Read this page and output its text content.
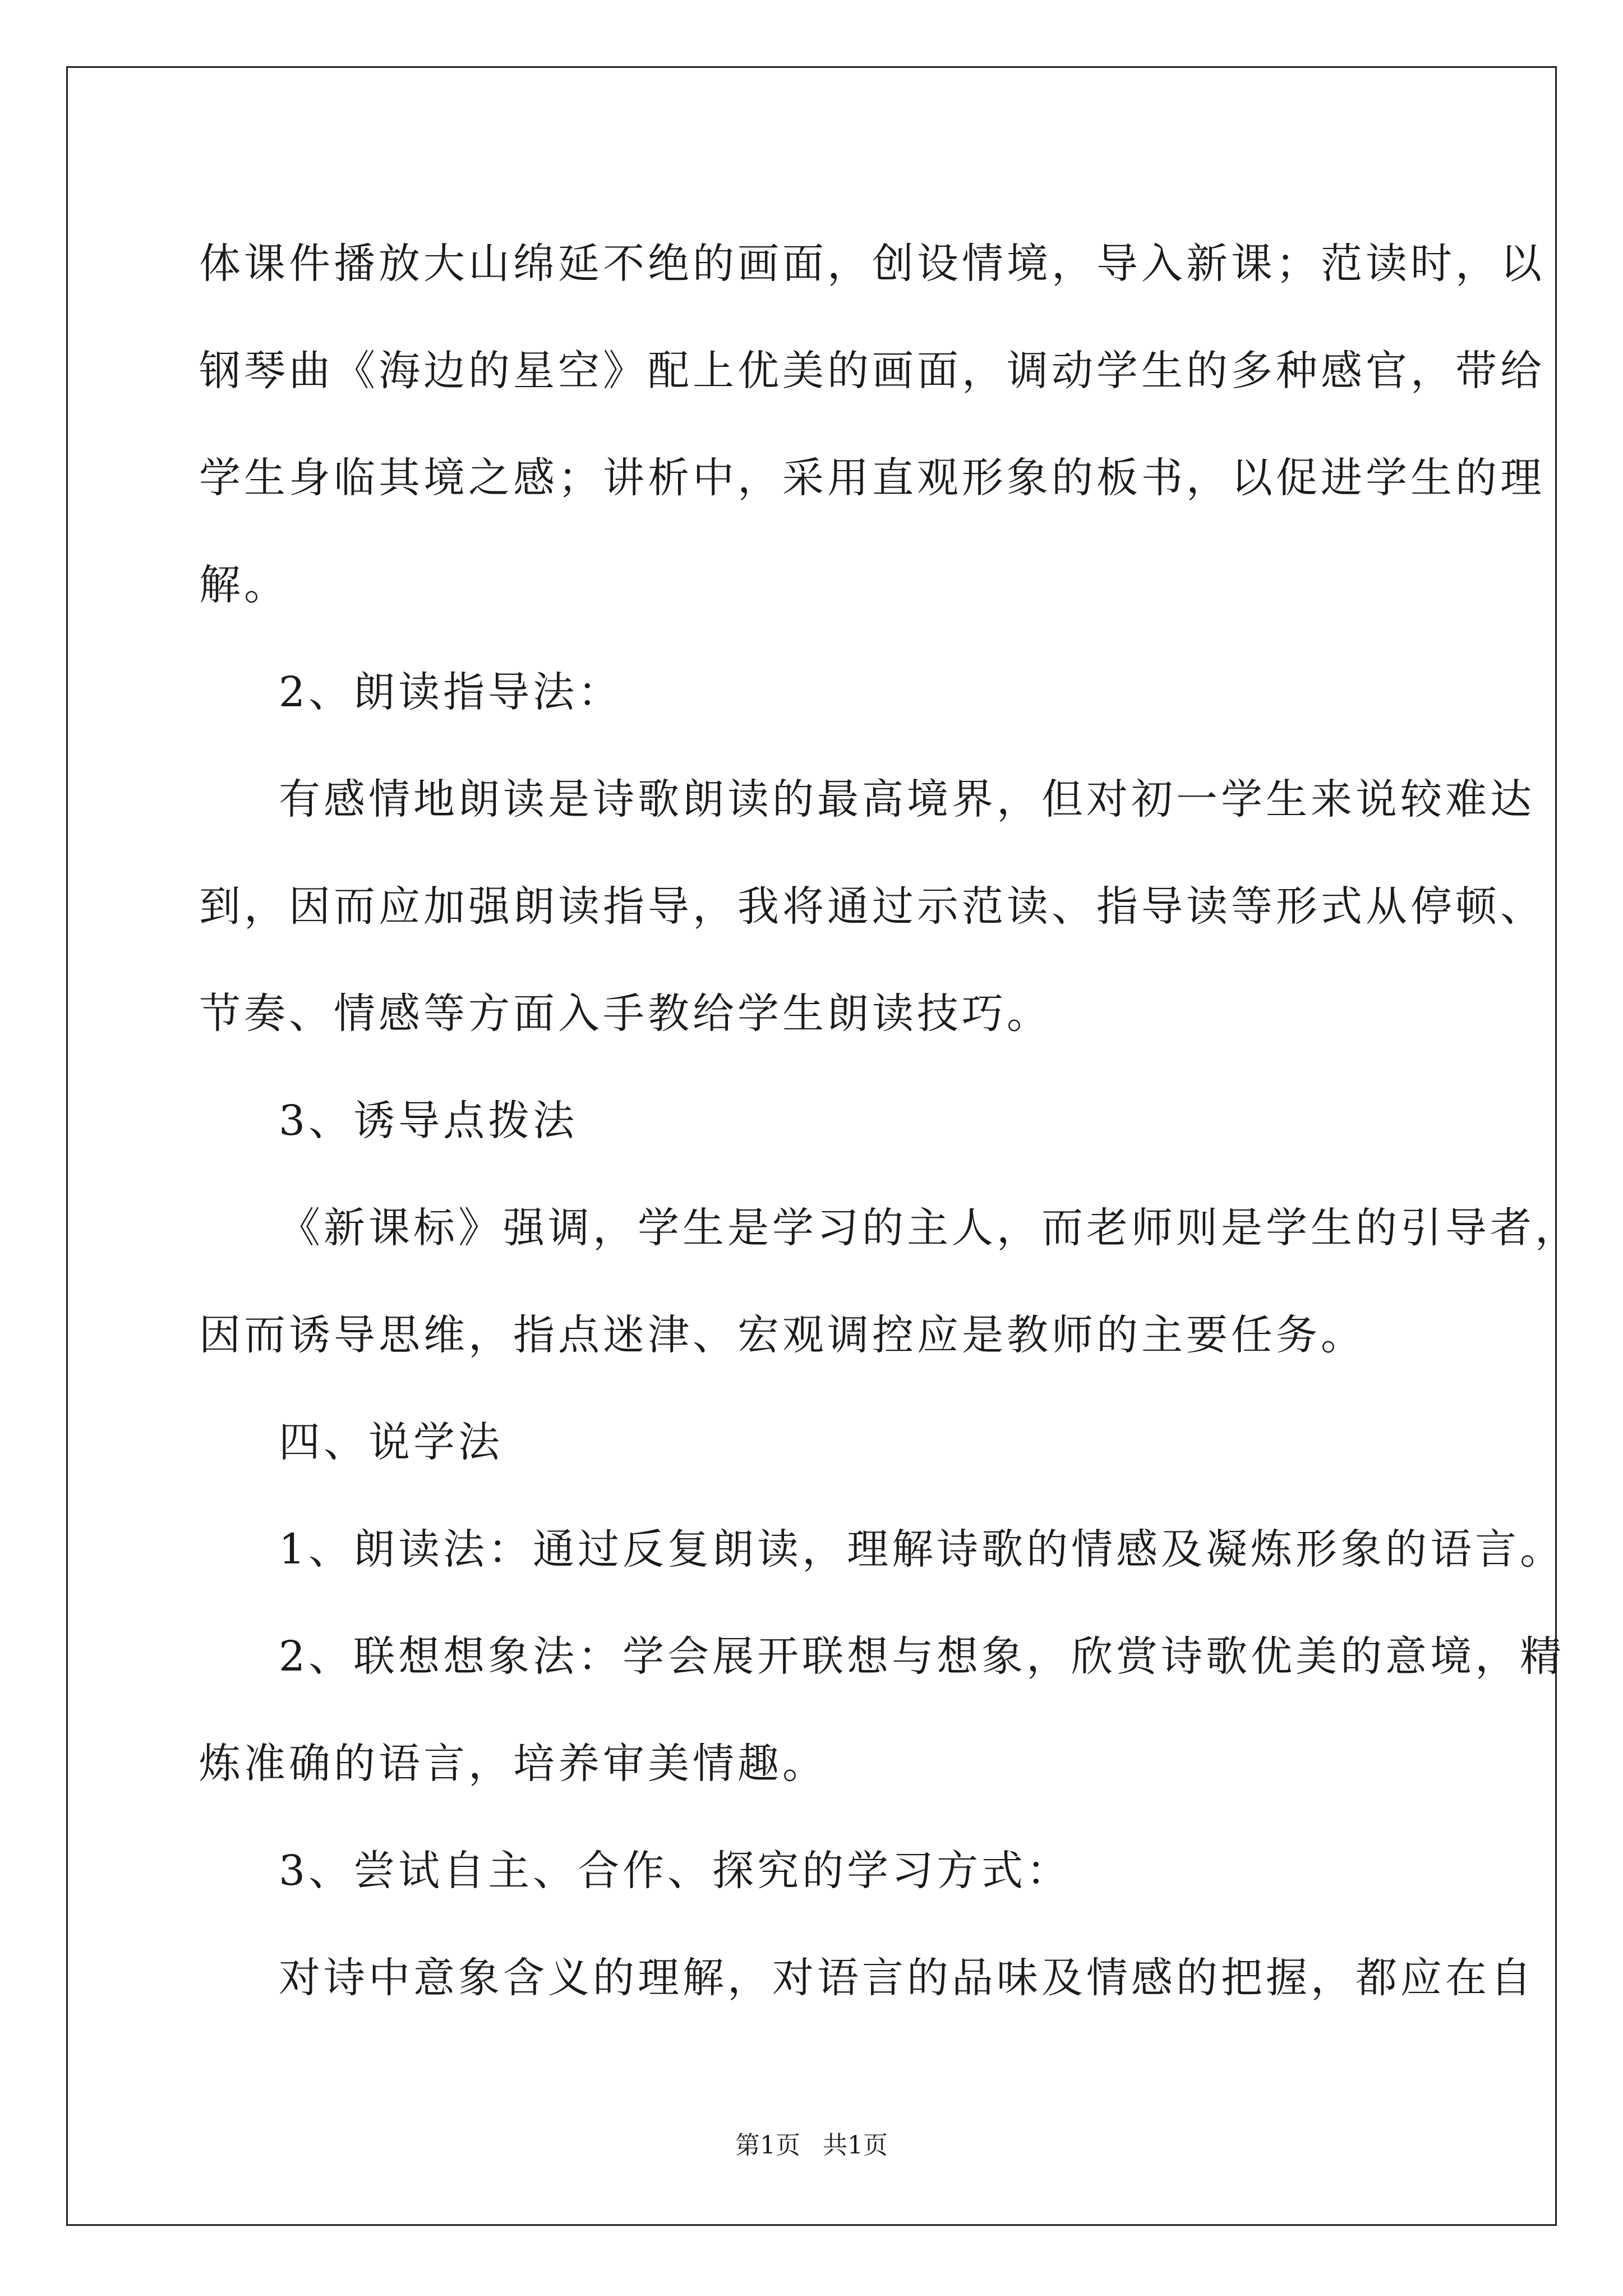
体课件播放大山绵延不绝的画面，创设情境，导入新课；范读时，以

钢琴曲《海边的星空》配上优美的画面，调动学生的多种感官，带给

学生身临其境之感；讲析中，采用直观形象的板书，以促进学生的理

解。

2、朗读指导法：

有感情地朗读是诗歌朗读的最高境界，但对初一学生来说较难达

到，因而应加强朗读指导，我将通过示范读、指导读等形式从停顿、

节奏、情感等方面入手教给学生朗读技巧。

3、诱导点拨法

《新课标》强调，学生是学习的主人，而老师则是学生的引导者，

因而诱导思维，指点迷津、宏观调控应是教师的主要任务。

四、说学法

1、朗读法：通过反复朗读，理解诗歌的情感及凝炼形象的语言。

2、联想想象法：学会展开联想与想象，欣赏诗歌优美的意境，精

炼准确的语言，培养审美情趣。

3、尝试自主、合作、探究的学习方式：

对诗中意象含义的理解，对语言的品味及情感的把握，都应在自

第1页 共1页
